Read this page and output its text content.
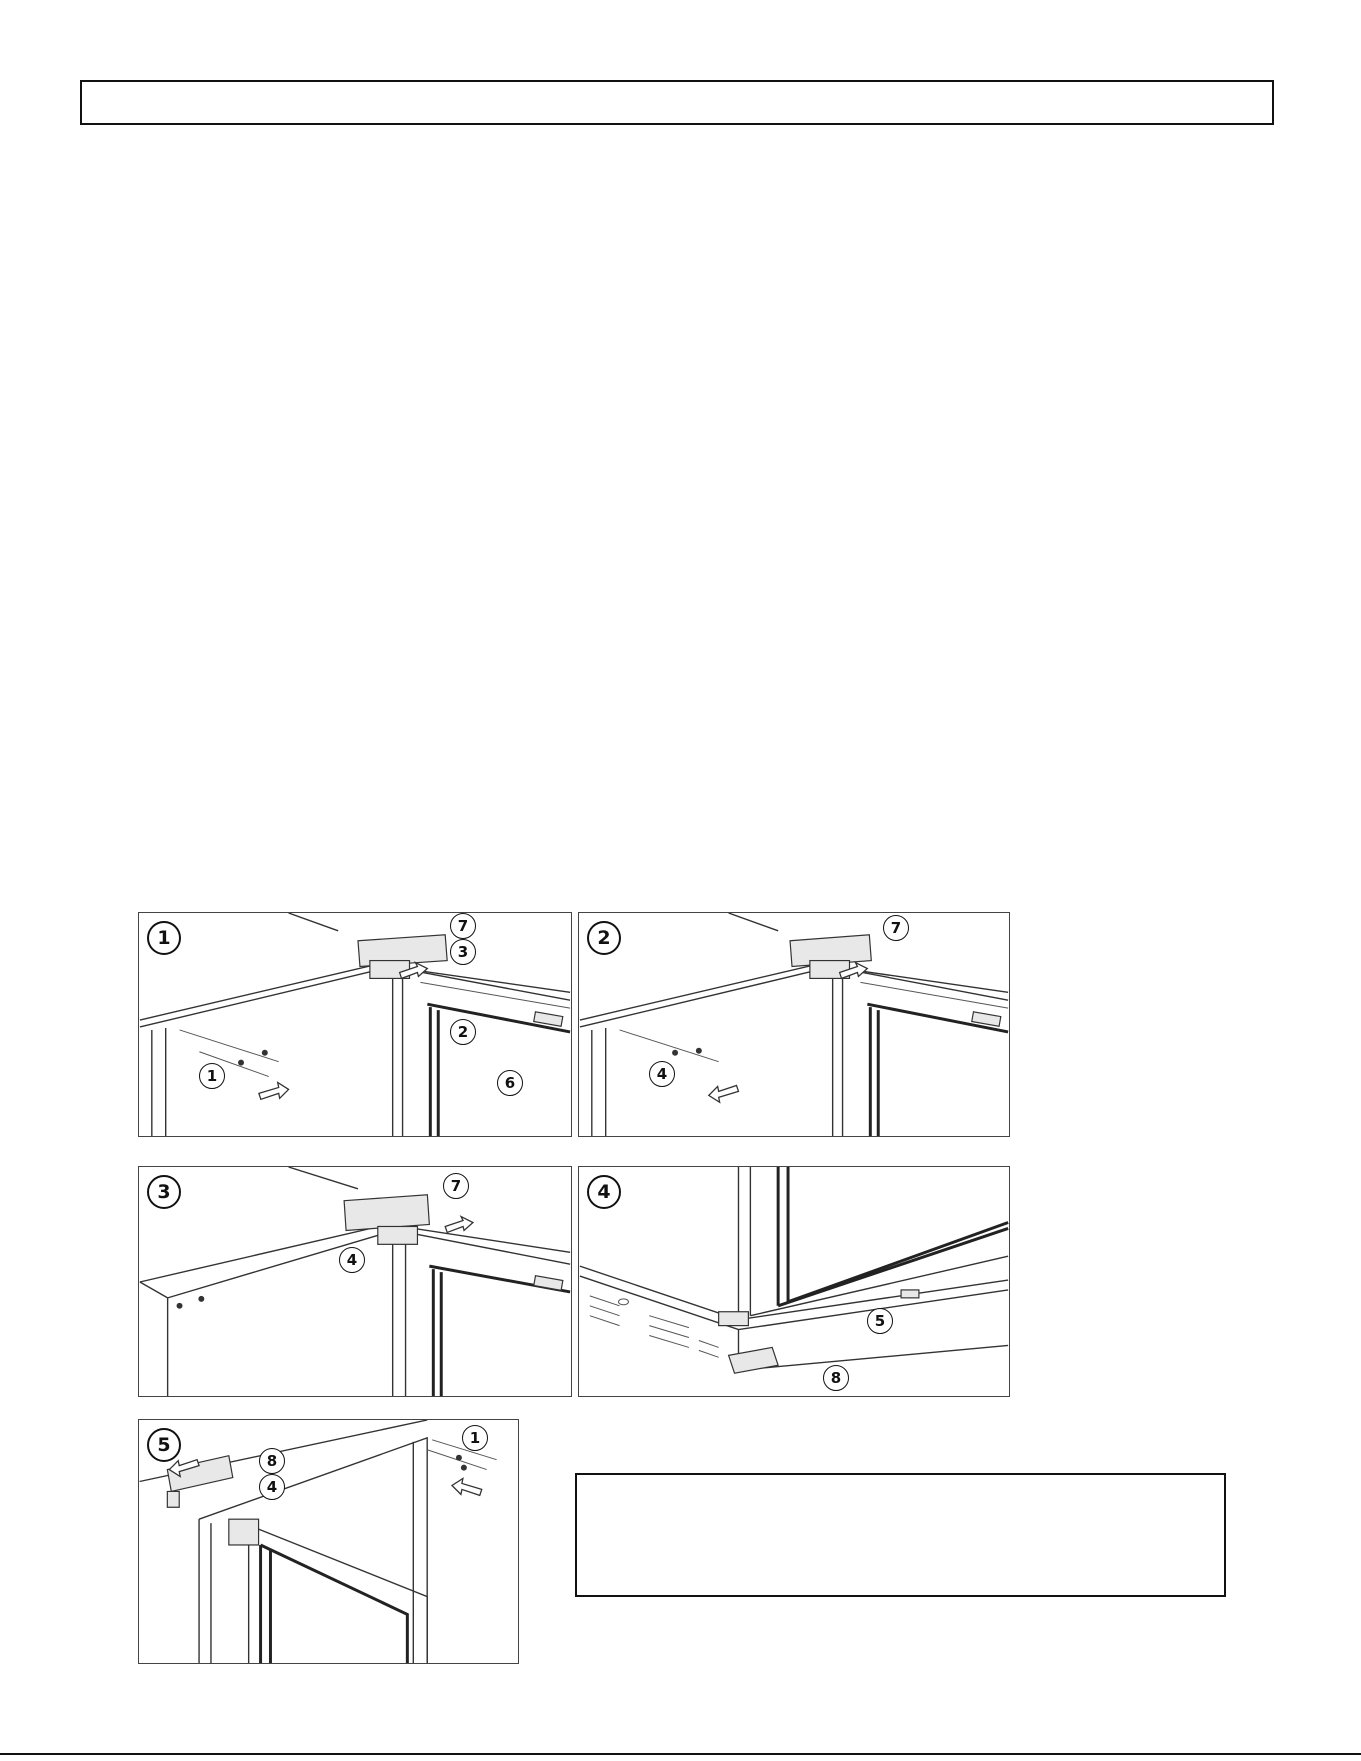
1
7
3
2
6
1
2	7
4
3	7
4
4
5
8
5
8
4
1
